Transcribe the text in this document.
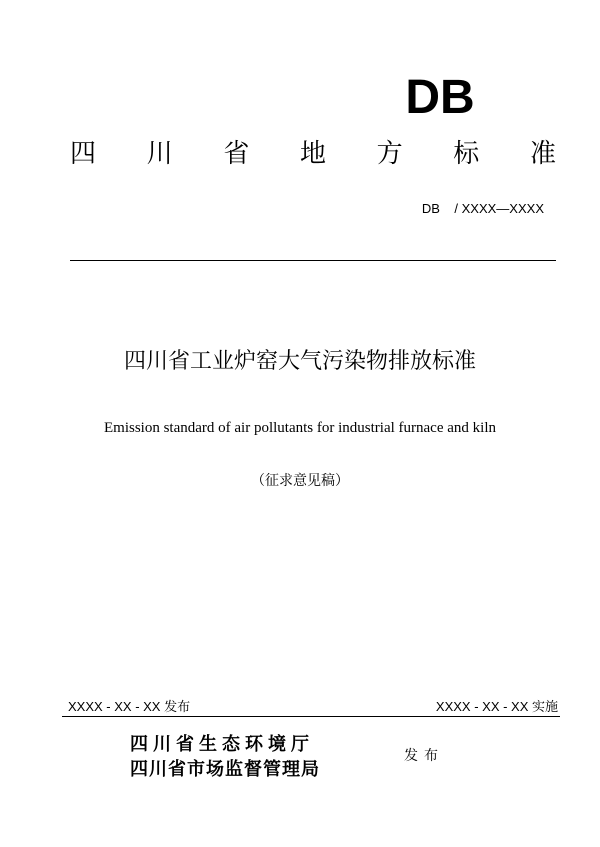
DB
四 川 省 地 方 标 准
DB    / XXXX—XXXX
四川省工业炉窑大气污染物排放标准
Emission standard of air pollutants for industrial furnace and kiln
（征求意见稿）
XXXX - XX - XX 发布	XXXX - XX - XX 实施
四川省生态环境厅
四川省市场监督管理局
发布
